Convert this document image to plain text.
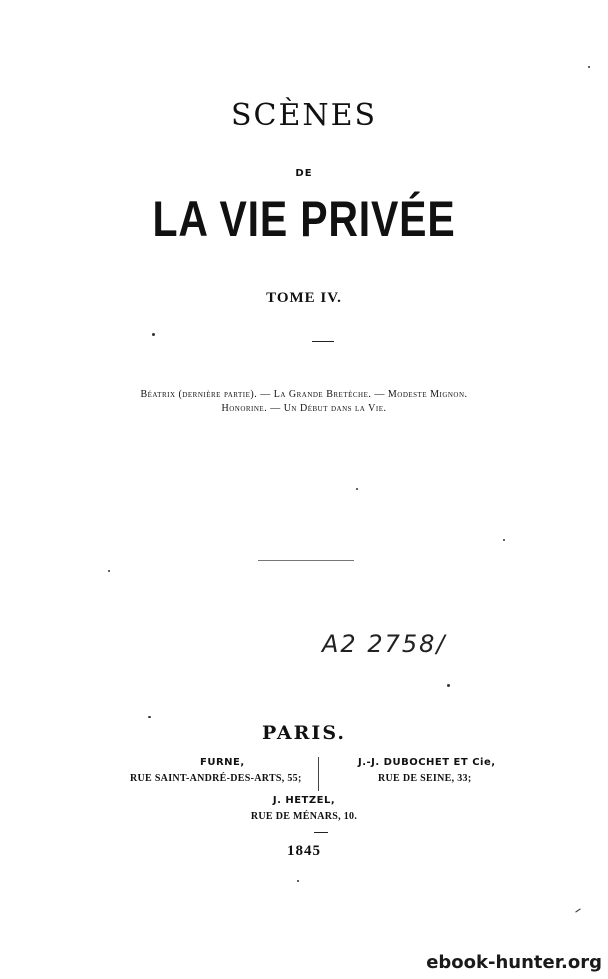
SCÈNES
DE
LA VIE PRIVÉE
TOME IV.
Béatrix (dernière partie). — La Grande Bretèche. — Modeste Mignon.
Honorine. — Un Début dans la Vie.
A2 2758/
PARIS.
FURNE,
RUE SAINT-ANDRÉ-DES-ARTS, 55;
J.-J. DUBOCHET ET Cie,
RUE DE SEINE, 33;
J. HETZEL,
RUE DE MÉNARS, 10.
1845
ebook-hunter.org
